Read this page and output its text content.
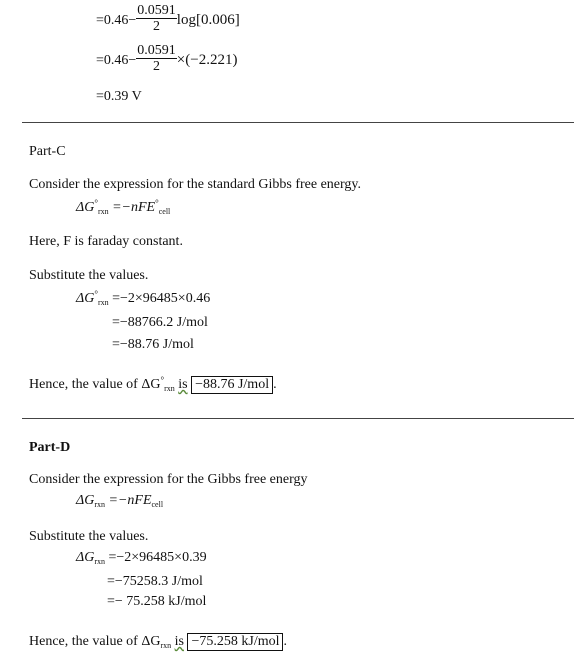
$=0.46- \frac{0.0591}{2} \log[0.006]$
$=0.46- \frac{0.0591}{2} \times(-2.221)$
=0.39 V
Part-C
Consider the expression for the standard Gibbs free energy.
$\Delta G^\circ_{rxn} =-nFE^\circ_{cell}$
Here, F is faraday constant.
Substitute the values.
$\Delta G^\circ_{rxn} =-2\times 96485\times 0.46$
=−88766.2 J/mol
=−88.76 J/mol
Hence, the value of $\Delta G^\circ_{rxn}$ is −88.76 J/mol .
Part-D
Consider the expression for the Gibbs free energy
$\Delta G_{rxn} =-nFE_{cell}$
Substitute the values.
$\Delta G_{rxn} =-2\times 96485\times 0.39$
=−75258.3 J/mol
=− 75.258 kJ/mol
Hence, the value of $\Delta G_{rxn}$ is −75.258 kJ/mol .
